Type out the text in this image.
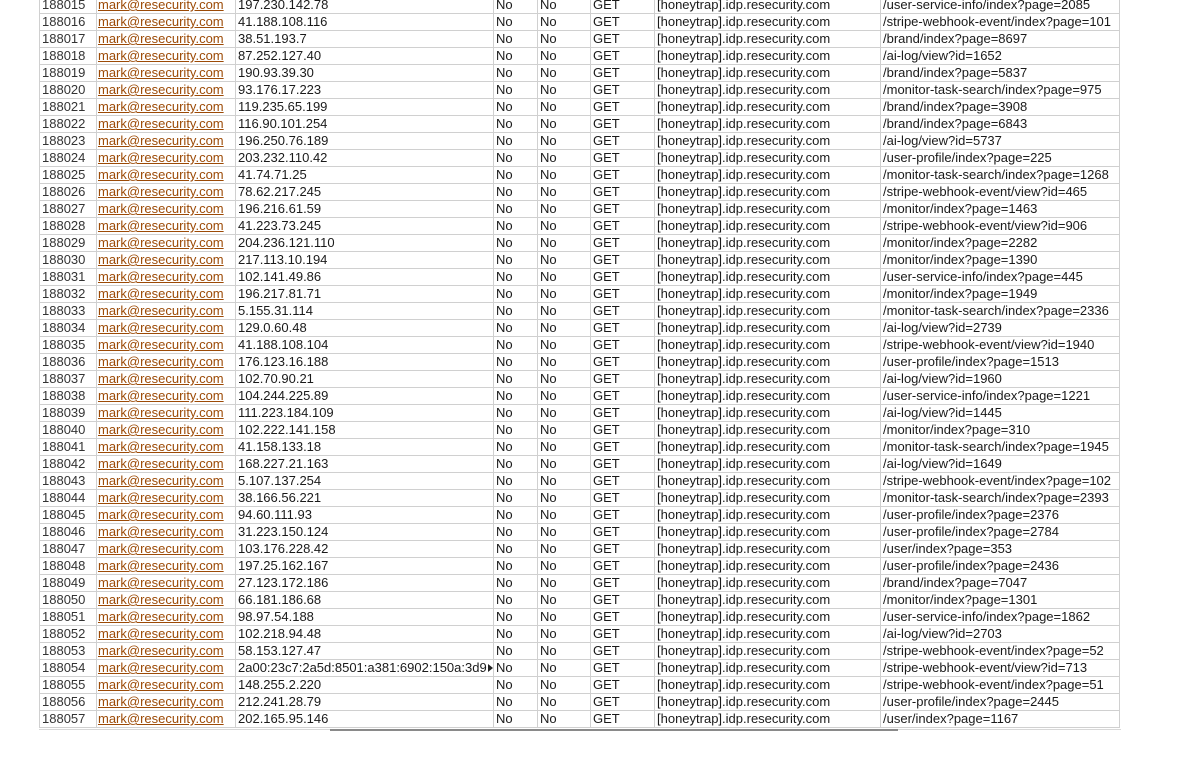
188015	mark@resecurity.com	197.230.142.78	No	No	GET	[honeytrap].idp.resecurity.com	/user-service-info/index?page=2085
188016	mark@resecurity.com	41.188.108.116	No	No	GET	[honeytrap].idp.resecurity.com	/stripe-webhook-event/index?page=101
188017	mark@resecurity.com	38.51.193.7	No	No	GET	[honeytrap].idp.resecurity.com	/brand/index?page=8697
188018	mark@resecurity.com	87.252.127.40	No	No	GET	[honeytrap].idp.resecurity.com	/ai-log/view?id=1652
188019	mark@resecurity.com	190.93.39.30	No	No	GET	[honeytrap].idp.resecurity.com	/brand/index?page=5837
188020	mark@resecurity.com	93.176.17.223	No	No	GET	[honeytrap].idp.resecurity.com	/monitor-task-search/index?page=975
188021	mark@resecurity.com	119.235.65.199	No	No	GET	[honeytrap].idp.resecurity.com	/brand/index?page=3908
188022	mark@resecurity.com	116.90.101.254	No	No	GET	[honeytrap].idp.resecurity.com	/brand/index?page=6843
188023	mark@resecurity.com	196.250.76.189	No	No	GET	[honeytrap].idp.resecurity.com	/ai-log/view?id=5737
188024	mark@resecurity.com	203.232.110.42	No	No	GET	[honeytrap].idp.resecurity.com	/user-profile/index?page=225
188025	mark@resecurity.com	41.74.71.25	No	No	GET	[honeytrap].idp.resecurity.com	/monitor-task-search/index?page=1268
188026	mark@resecurity.com	78.62.217.245	No	No	GET	[honeytrap].idp.resecurity.com	/stripe-webhook-event/view?id=465
188027	mark@resecurity.com	196.216.61.59	No	No	GET	[honeytrap].idp.resecurity.com	/monitor/index?page=1463
188028	mark@resecurity.com	41.223.73.245	No	No	GET	[honeytrap].idp.resecurity.com	/stripe-webhook-event/view?id=906
188029	mark@resecurity.com	204.236.121.110	No	No	GET	[honeytrap].idp.resecurity.com	/monitor/index?page=2282
188030	mark@resecurity.com	217.113.10.194	No	No	GET	[honeytrap].idp.resecurity.com	/monitor/index?page=1390
188031	mark@resecurity.com	102.141.49.86	No	No	GET	[honeytrap].idp.resecurity.com	/user-service-info/index?page=445
188032	mark@resecurity.com	196.217.81.71	No	No	GET	[honeytrap].idp.resecurity.com	/monitor/index?page=1949
188033	mark@resecurity.com	5.155.31.114	No	No	GET	[honeytrap].idp.resecurity.com	/monitor-task-search/index?page=2336
188034	mark@resecurity.com	129.0.60.48	No	No	GET	[honeytrap].idp.resecurity.com	/ai-log/view?id=2739
188035	mark@resecurity.com	41.188.108.104	No	No	GET	[honeytrap].idp.resecurity.com	/stripe-webhook-event/view?id=1940
188036	mark@resecurity.com	176.123.16.188	No	No	GET	[honeytrap].idp.resecurity.com	/user-profile/index?page=1513
188037	mark@resecurity.com	102.70.90.21	No	No	GET	[honeytrap].idp.resecurity.com	/ai-log/view?id=1960
188038	mark@resecurity.com	104.244.225.89	No	No	GET	[honeytrap].idp.resecurity.com	/user-service-info/index?page=1221
188039	mark@resecurity.com	111.223.184.109	No	No	GET	[honeytrap].idp.resecurity.com	/ai-log/view?id=1445
188040	mark@resecurity.com	102.222.141.158	No	No	GET	[honeytrap].idp.resecurity.com	/monitor/index?page=310
188041	mark@resecurity.com	41.158.133.18	No	No	GET	[honeytrap].idp.resecurity.com	/monitor-task-search/index?page=1945
188042	mark@resecurity.com	168.227.21.163	No	No	GET	[honeytrap].idp.resecurity.com	/ai-log/view?id=1649
188043	mark@resecurity.com	5.107.137.254	No	No	GET	[honeytrap].idp.resecurity.com	/stripe-webhook-event/index?page=102
188044	mark@resecurity.com	38.166.56.221	No	No	GET	[honeytrap].idp.resecurity.com	/monitor-task-search/index?page=2393
188045	mark@resecurity.com	94.60.111.93	No	No	GET	[honeytrap].idp.resecurity.com	/user-profile/index?page=2376
188046	mark@resecurity.com	31.223.150.124	No	No	GET	[honeytrap].idp.resecurity.com	/user-profile/index?page=2784
188047	mark@resecurity.com	103.176.228.42	No	No	GET	[honeytrap].idp.resecurity.com	/user/index?page=353
188048	mark@resecurity.com	197.25.162.167	No	No	GET	[honeytrap].idp.resecurity.com	/user-profile/index?page=2436
188049	mark@resecurity.com	27.123.172.186	No	No	GET	[honeytrap].idp.resecurity.com	/brand/index?page=7047
188050	mark@resecurity.com	66.181.186.68	No	No	GET	[honeytrap].idp.resecurity.com	/monitor/index?page=1301
188051	mark@resecurity.com	98.97.54.188	No	No	GET	[honeytrap].idp.resecurity.com	/user-service-info/index?page=1862
188052	mark@resecurity.com	102.218.94.48	No	No	GET	[honeytrap].idp.resecurity.com	/ai-log/view?id=2703
188053	mark@resecurity.com	58.153.127.47	No	No	GET	[honeytrap].idp.resecurity.com	/stripe-webhook-event/index?page=52
188054	mark@resecurity.com	2a00:23c7:2a5d:8501:a381:6902:150a:3d9	No	No	GET	[honeytrap].idp.resecurity.com	/stripe-webhook-event/view?id=713
188055	mark@resecurity.com	148.255.2.220	No	No	GET	[honeytrap].idp.resecurity.com	/stripe-webhook-event/index?page=51
188056	mark@resecurity.com	212.241.28.79	No	No	GET	[honeytrap].idp.resecurity.com	/user-profile/index?page=2445
188057	mark@resecurity.com	202.165.95.146	No	No	GET	[honeytrap].idp.resecurity.com	/user/index?page=1167
